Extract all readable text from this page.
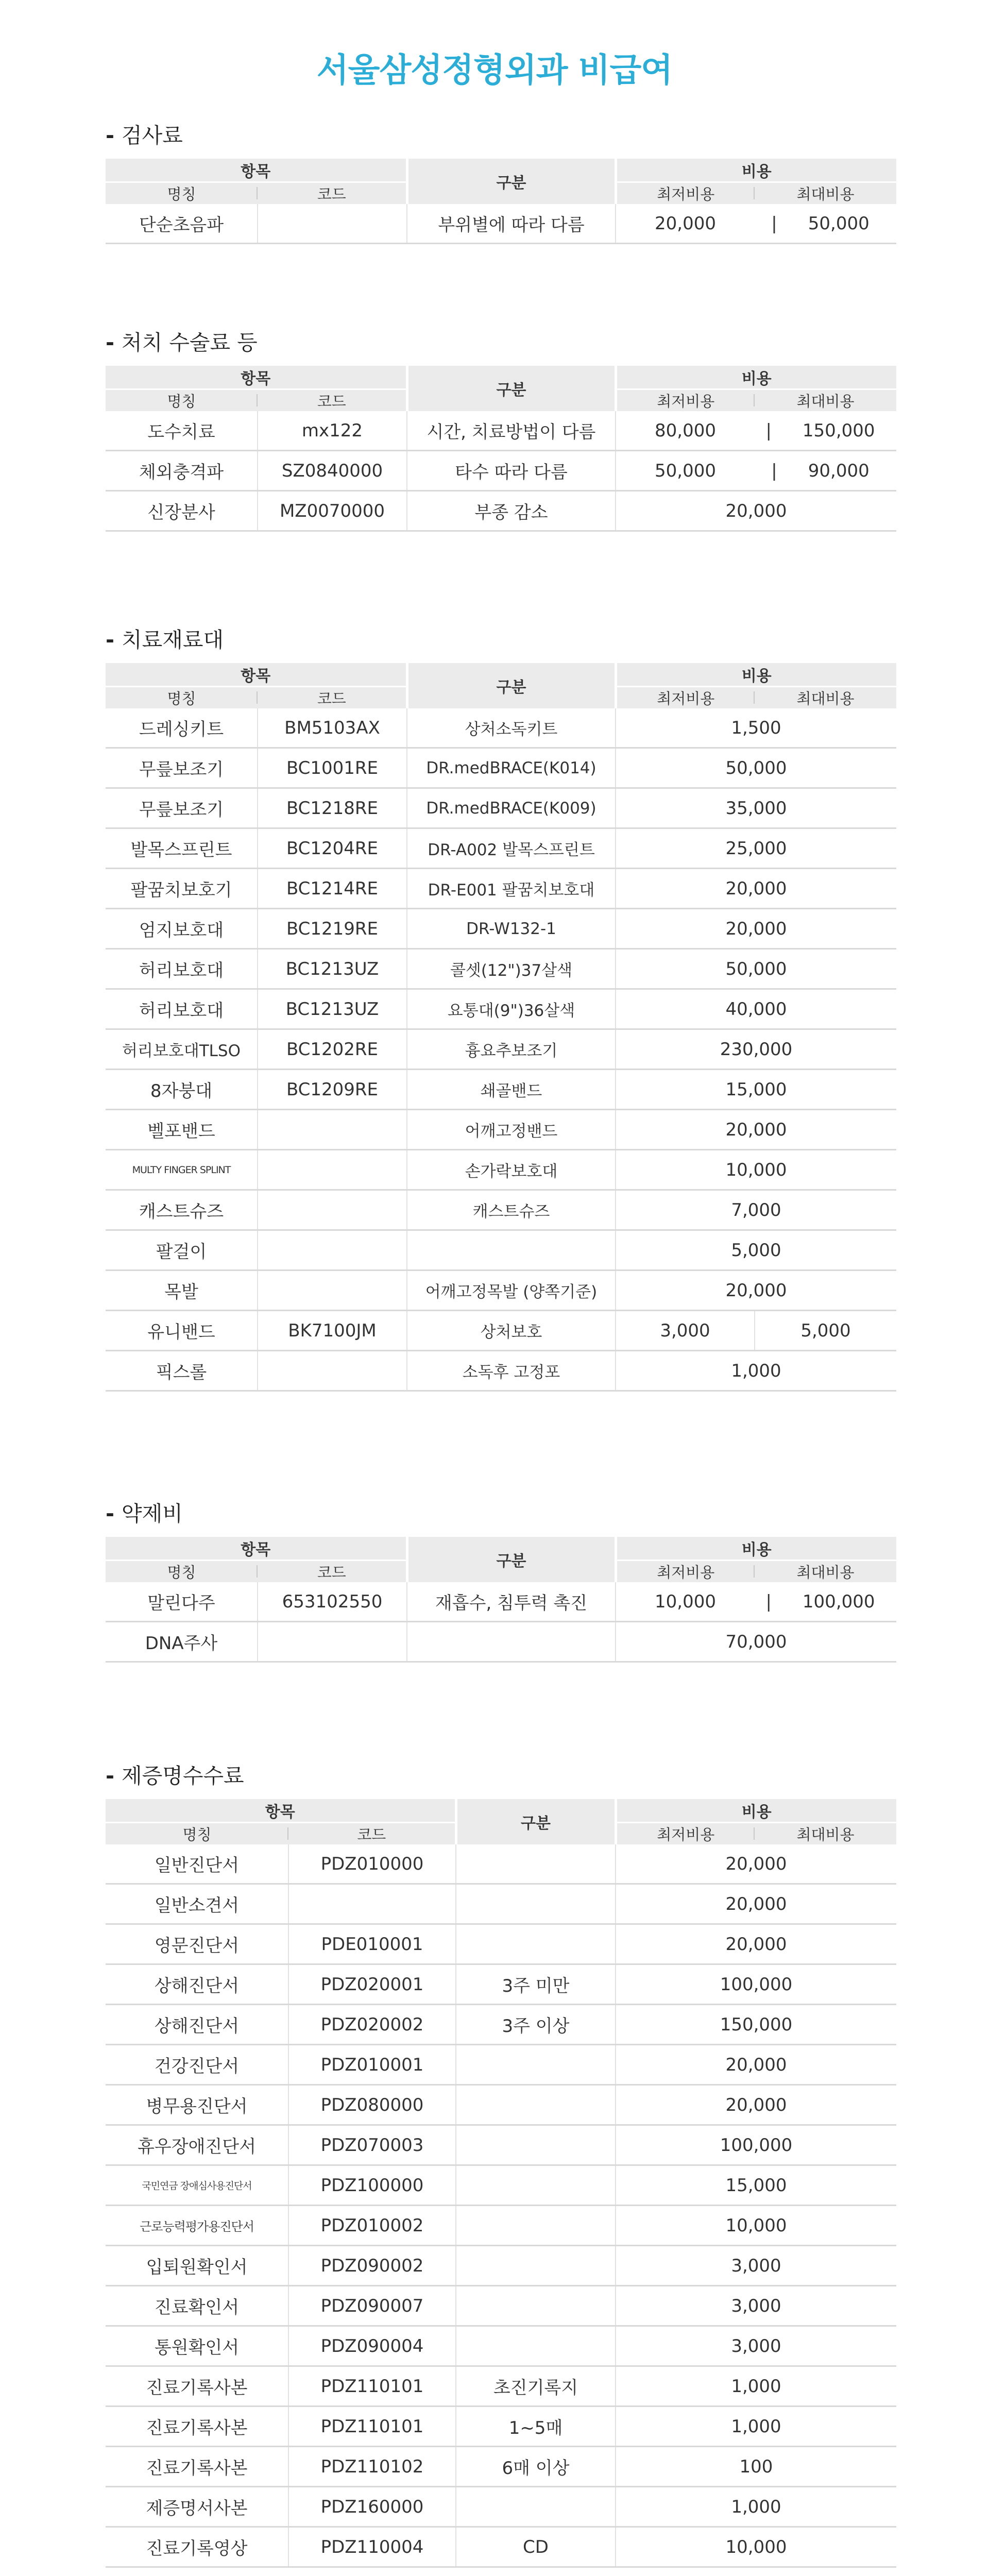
서울삼성정형외과 비급여
- 검사료
항목		구분	비용	
명칭	코드		최저비용	최대비용
단순초음파		부위별에 따라 다름	20,000	| 50,000
- 처치 수술료 등
항목		구분	비용	
명칭	코드		최저비용	최대비용
도수치료	mx122	시간, 치료방법이 다름	80,000	| 150,000
체외충격파	SZ0840000	타수 따라 다름	50,000	| 90,000
신장분사	MZ0070000	부종 감소	20,000	
- 치료재료대
항목		구분	비용	
명칭	코드		최저비용	최대비용
드레싱키트	BM5103AX	상처소독키트	1,500	
무릎보조기	BC1001RE	DR.medBRACE(K014)	50,000	
무릎보조기	BC1218RE	DR.medBRACE(K009)	35,000	
발목스프린트	BC1204RE	DR-A002 발목스프린트	25,000	
팔꿈치보호기	BC1214RE	DR-E001 팔꿈치보호대	20,000	
엄지보호대	BC1219RE	DR-W132-1	20,000	
허리보호대	BC1213UZ	콜셋(12")37살색	50,000	
허리보호대	BC1213UZ	요통대(9")36살색	40,000	
허리보호대TLSO	BC1202RE	흉요추보조기	230,000	
8자붕대	BC1209RE	쇄골밴드	15,000	
벨포밴드		어깨고정밴드	20,000	
MULTY FINGER SPLINT		손가락보호대	10,000	
캐스트슈즈		캐스트슈즈	7,000	
팔걸이			5,000	
목발		어깨고정목발 (양쪽기준)	20,000	
유니밴드	BK7100JM	상처보호	3,000	5,000
픽스롤		소독후 고정포	1,000	
- 약제비
항목		구분	비용	
명칭	코드		최저비용	최대비용
말린다주	653102550	재흡수, 침투력 촉진	10,000	| 100,000
DNA주사			70,000	
- 제증명수수료
항목		구분	비용	
명칭	코드		최저비용	최대비용
일반진단서	PDZ010000		20,000	
일반소견서			20,000	
영문진단서	PDE010001		20,000	
상해진단서	PDZ020001	3주 미만	100,000	
상해진단서	PDZ020002	3주 이상	150,000	
건강진단서	PDZ010001		20,000	
병무용진단서	PDZ080000		20,000	
휴우장애진단서	PDZ070003		100,000	
국민연금 장애심사용진단서	PDZ100000		15,000	
근로능력평가용진단서	PDZ010002		10,000	
입퇴원확인서	PDZ090002		3,000	
진료확인서	PDZ090007		3,000	
통원확인서	PDZ090004		3,000	
진료기록사본	PDZ110101	초진기록지	1,000	
진료기록사본	PDZ110101	1~5매	1,000	
진료기록사본	PDZ110102	6매 이상	100	
제증명서사본	PDZ160000		1,000	
진료기록영상	PDZ110004	CD	10,000	
